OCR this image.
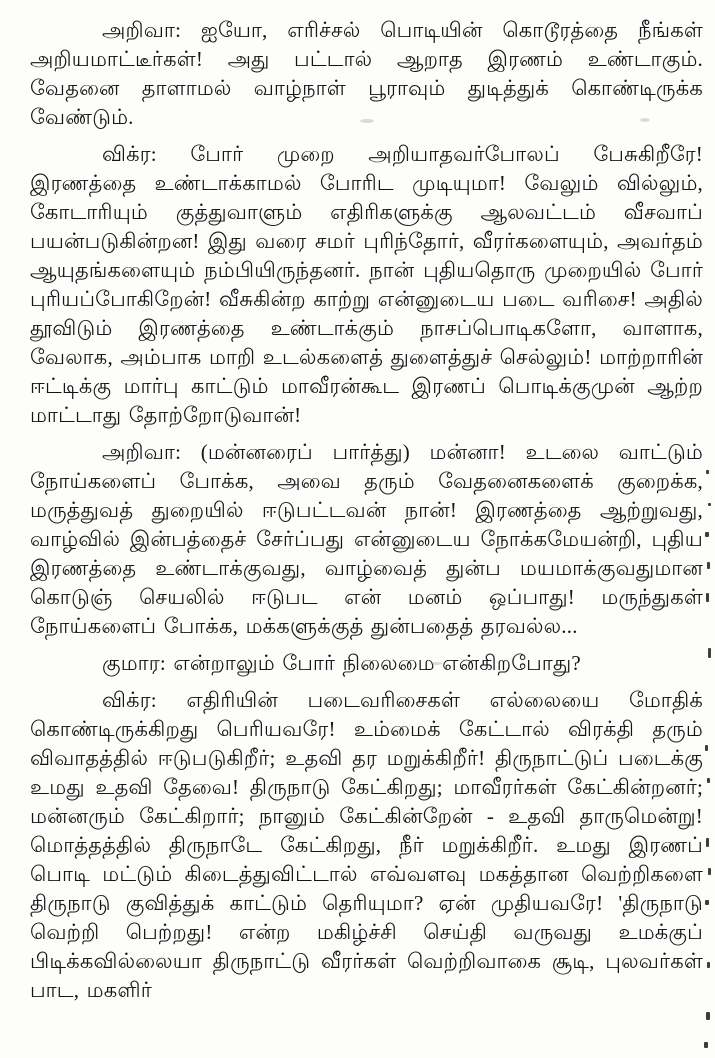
அறிவா: ஐயோ, எரிச்சல் பொடியின் கொடூரத்தை நீங்கள் அறியமாட்டீர்கள்! அது பட்டால் ஆறாத இரணம் உண்டாகும். வேதனை தாளாமல் வாழ்நாள் பூராவும் துடித்துக் கொண்டிருக்க வேண்டும்.

விக்ர: போர் முறை அறியாதவர்போலப் பேசுகிறீரே! இரணத்தை உண்டாக்காமல் போரிட முடியுமா! வேலும் வில்லும், கோடாரியும் குத்துவாளும் எதிரிகளுக்கு ஆலவட்டம் வீசவாப் பயன்படுகின்றன! இது வரை சமர் புரிந்தோர், வீரர்களையும், அவர்தம் ஆயுதங்களையும் நம்பியிருந்தனர். நான் புதியதொரு முறையில் போர் புரியப்போகிறேன்! வீசுகின்ற காற்று என்னுடைய படை வரிசை! அதில் தூவிடும் இரணத்தை உண்டாக்கும் நாசப்பொடிகளோ, வாளாக, வேலாக, அம்பாக மாறி உடல்களைத் துளைத்துச் செல்லும்! மாற்றாரின் ஈட்டிக்கு மார்பு காட்டும் மாவீரன்கூட இரணப் பொடிக்குமுன் ஆற்ற மாட்டாது தோற்றோடுவான்!

அறிவா: (மன்னரைப் பார்த்து) மன்னா! உடலை வாட்டும் நோய்களைப் போக்க, அவை தரும் வேதனைகளைக் குறைக்க, மருத்துவத் துறையில் ஈடுபட்டவன் நான்! இரணத்தை ஆற்றுவது, வாழ்வில் இன்பத்தைச் சேர்ப்பது என்னுடைய நோக்கமேயன்றி, புதிய இரணத்தை உண்டாக்குவது, வாழ்வைத் துன்ப மயமாக்குவதுமான கொடுஞ் செயலில் ஈடுபட என் மனம் ஒப்பாது! மருந்துகள் நோய்களைப் போக்க, மக்களுக்குத் துன்பதைத் தரவல்ல...

குமார: என்றாலும் போர் நிலைமை என்கிறபோது?

விக்ர: எதிரியின் படைவரிசைகள் எல்லையை மோதிக் கொண்டிருக்கிறது பெரியவரே! உம்மைக் கேட்டால் விரக்தி தரும் விவாதத்தில் ஈடுபடுகிறீர்; உதவி தர மறுக்கிறீர்! திருநாட்டுப் படைக்கு உமது உதவி தேவை! திருநாடு கேட்கிறது; மாவீரர்கள் கேட்கின்றனர்; மன்னரும் கேட்கிறார்; நானும் கேட்கின்றேன் - உதவி தாருமென்று! மொத்தத்தில் திருநாடே கேட்கிறது, நீர் மறுக்கிறீர். உமது இரணப் பொடி மட்டும் கிடைத்துவிட்டால் எவ்வளவு மகத்தான வெற்றிகளை திருநாடு குவித்துக் காட்டும் தெரியுமா? ஏன் முதியவரே! 'திருநாடு வெற்றி பெற்றது! என்ற மகிழ்ச்சி செய்தி வருவது உமக்குப் பிடிக்கவில்லையா திருநாட்டு வீரர்கள் வெற்றிவாகை சூடி, புலவர்கள் பாட, மகளிர்
